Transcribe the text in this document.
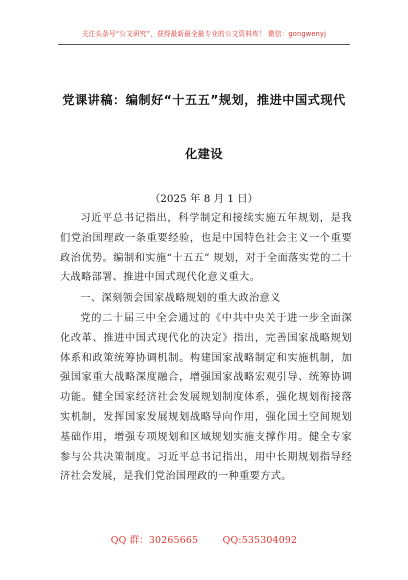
关注头条号“公文研究”，获得最新最全最专业的公文资料库！ 微信：gongwenyj
党课讲稿：编制好“十五五”规划，推进中国式现代
化建设
（2025 年 8 月 1 日）

习近平总书记指出，科学制定和接续实施五年规划，是我们党治国理政一条重要经验，也是中国特色社会主义一个重要政治优势。编制和实施“十五五” 规划，对于全面落实党的二十大战略部署、推进中国式现代化意义重大。

一、深刻领会国家战略规划的重大政治意义

党的二十届三中全会通过的《中共中央关于进一步全面深化改革、推进中国式现代化的决定》指出，完善国家战略规划体系和政策统筹协调机制。构建国家战略制定和实施机制，加强国家重大战略深度融合，增强国家战略宏观引导、统筹协调功能。健全国家经济社会发展规划制度体系，强化规划衔接落实机制，发挥国家发展规划战略导向作用，强化国土空间规划基础作用，增强专项规划和区域规划实施支撑作用。健全专家参与公共决策制度。习近平总书记指出，用中长期规划指导经济社会发展，是我们党治国理政的一种重要方式。

QQ 群：30265665	QQ:535304092
